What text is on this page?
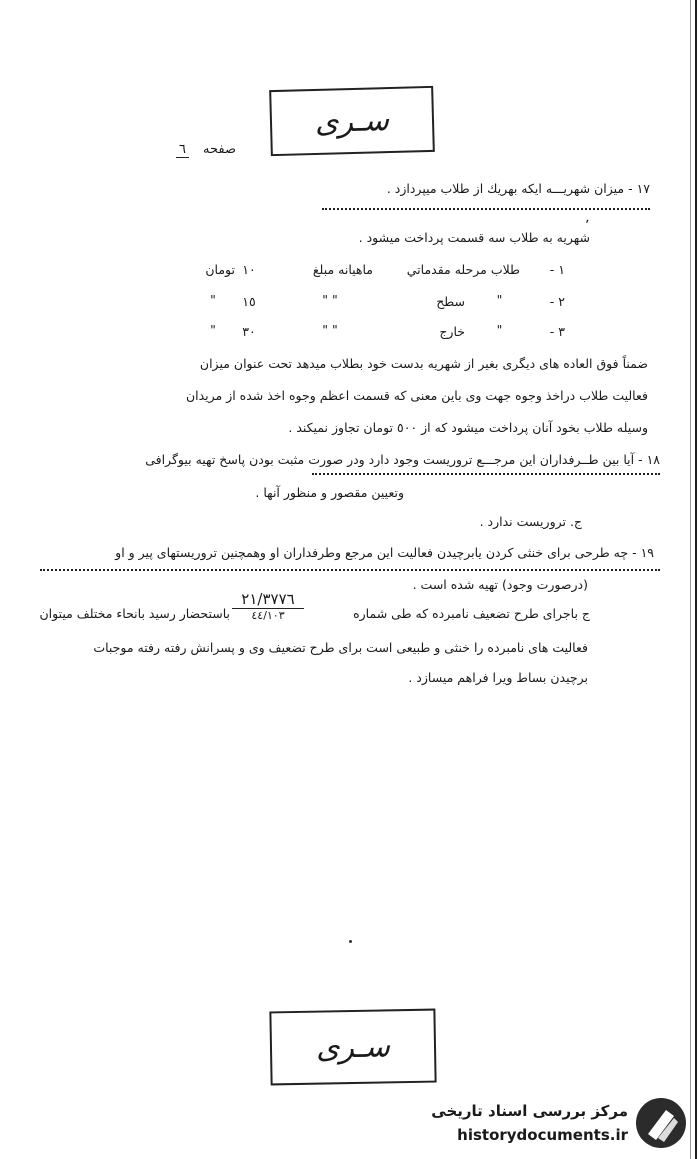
سـرى
صفحه٦
١٧ - ميزان شهريـــه ايكه بهريك از طلاب ميپردازد .
شهريه به طلاب سه قسمت پرداخت ميشود .
٬
١ -
طلاب مرحله مقدماتي
ماهيانه مبلغ
١٠
تومان
٢ -
"
سطح
" "
١٥
"
٣ -
"
خارج
" "
٣٠
"
ضمناً فوق العاده هاى ديگرى بغير از شهريه بدست خود بطلاب ميدهد تحت عنوان ميزان
فعاليت طلاب دراخذ وجوه جهت وى باين معنى كه قسمت اعظم وجوه اخذ شده از مريدان
وسيله طلاب بخود آنان پرداخت ميشود كه از ٥٠٠ تومان تجاوز نميكند .
١٨ - آيا بين طــرفداران اين مرجـــع تروريست وجود دارد ودر صورت مثبت بودن پاسخ تهيه بيوگرافى
وتعيين مقصور و منظور آنها .
ج. تروريست ندارد .
١٩ - چه طرحى براى خنثى كردن يابرچيدن فعاليت اين مرجع وطرفداران او وهمچنين تروريستهاى پير و او
(درصورت وجود) تهيه شده است .
ج باجراى طرح تضعيف نامبرده كه طى شماره
٢١/٣٧٧٦
٤٤/١٠٣
باستحضار رسيد بانحاء مختلف ميتوان
فعاليت هاى نامبرده را خنثى و طبيعى است براى طرح تضعيف وى و پسرانش رفته رفته موجبات
برچيدن بساط ويرا فراهم ميسازد .
سـرى
مركز بررسى اسناد تاريخى
historydocuments.ir
